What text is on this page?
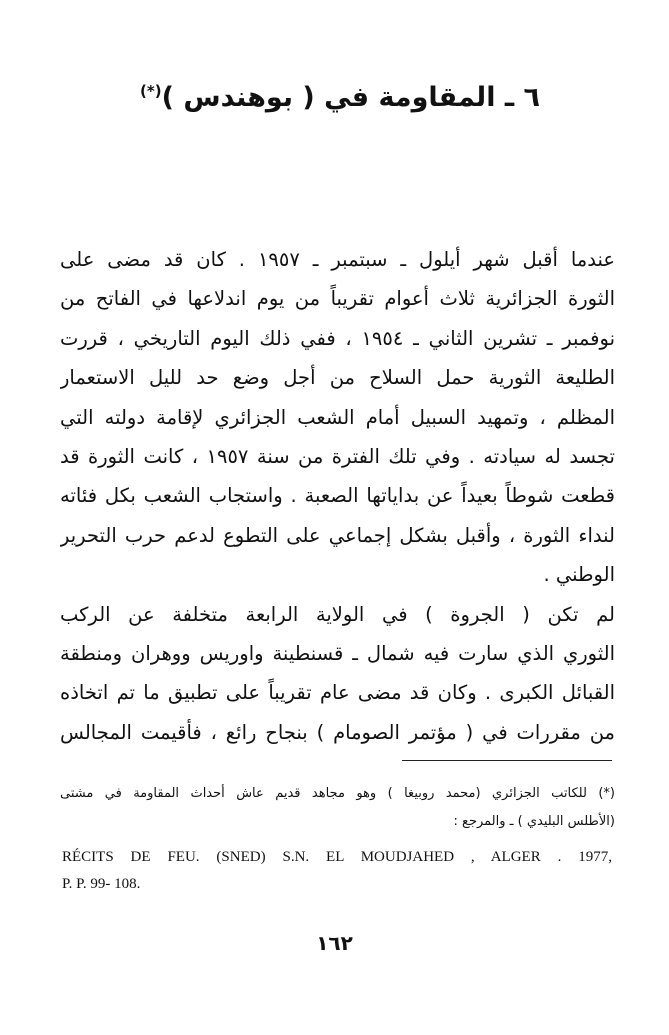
٦ ـ المقاومة في ( بوهندس )(*)
عندما أقبل شهر أيلول ـ سبتمبر ـ ١٩٥٧ . كان قد مضى على
الثورة الجزائرية ثلاث أعوام تقريباً من يوم اندلاعها في الفاتح من
نوفمبر ـ تشرين الثاني ـ ١٩٥٤ ، ففي ذلك اليوم التاريخي ، قررت
الطليعة الثورية حمل السلاح من أجل وضع حد لليل الاستعمار
المظلم ، وتمهيد السبيل أمام الشعب الجزائري لإقامة دولته التي
تجسد له سيادته . وفي تلك الفترة من سنة ١٩٥٧ ، كانت الثورة قد
قطعت شوطاً بعيداً عن بداياتها الصعبة . واستجاب الشعب بكل فئاته
لنداء الثورة ، وأقبل بشكل إجماعي على التطوع لدعم حرب التحرير
الوطني .
لم تكن ( الجروة ) في الولاية الرابعة متخلفة عن الركب
الثوري الذي سارت فيه شمال ـ قسنطينة واوريس ووهران ومنطقة
القبائل الكبرى . وكان قد مضى عام تقريباً على تطبيق ما تم اتخاذه
من مقررات في ( مؤتمر الصومام ) بنجاح رائع ، فأقيمت المجالس
(*) للكاتب الجزائري (محمد روبيغا ) وهو مجاهد قديم عاش أحداث المقاومة في مشتى
(الأطلس البليدي ) ـ والمرجع :
RÉCITS DE FEU. (SNED) S.N. EL MOUDJAHED , ALGER . 1977,
P. P. 99- 108.
١٦٢
